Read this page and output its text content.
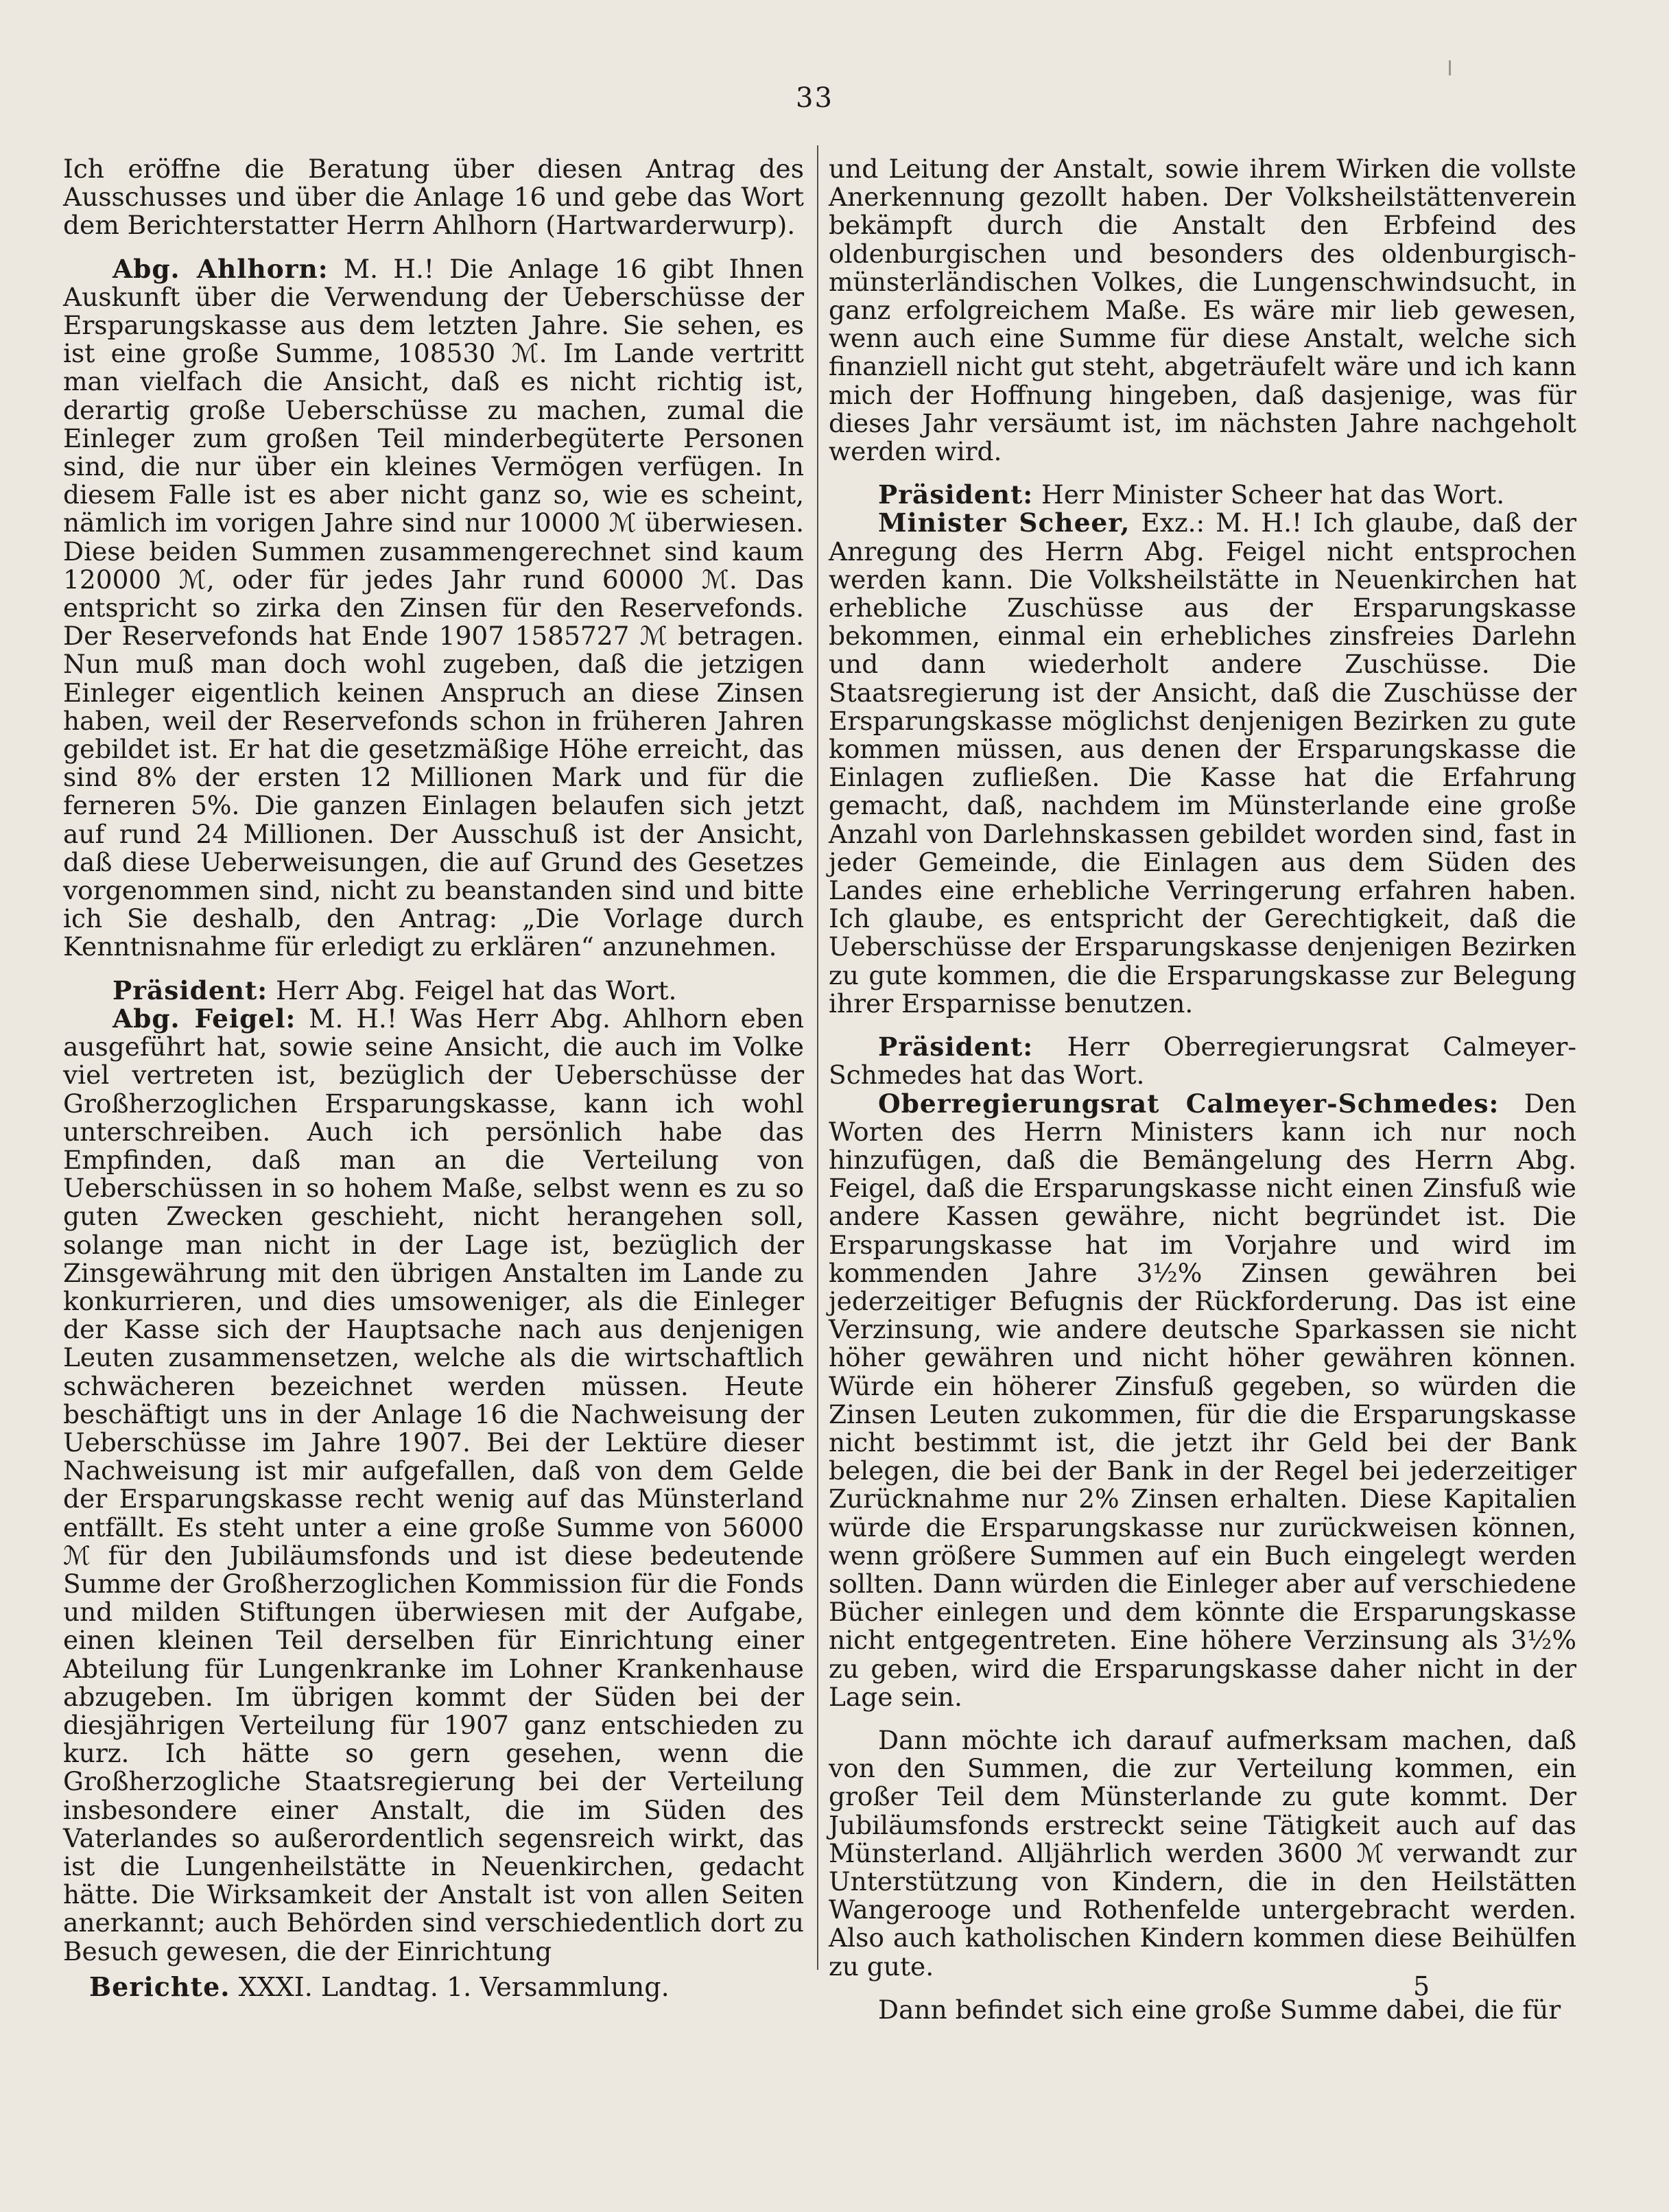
33

Ich eröffne die Beratung über diesen Antrag des Ausschusses und über die Anlage 16 und gebe das Wort dem Berichterstatter Herrn Ahlhorn (Hartwarderwurp).

Abg. Ahlhorn: M. H.! Die Anlage 16 gibt Ihnen Auskunft über die Verwendung der Ueberschüsse der Ersparungskasse aus dem letzten Jahre. Sie sehen, es ist eine große Summe, 108530 ℳ. Im Lande vertritt man vielfach die Ansicht, daß es nicht richtig ist, derartig große Ueberschüsse zu machen, zumal die Einleger zum großen Teil minderbegüterte Personen sind, die nur über ein kleines Vermögen verfügen. In diesem Falle ist es aber nicht ganz so, wie es scheint, nämlich im vorigen Jahre sind nur 10000 ℳ überwiesen. Diese beiden Summen zusammengerechnet sind kaum 120000 ℳ, oder für jedes Jahr rund 60000 ℳ. Das entspricht so zirka den Zinsen für den Reservefonds. Der Reservefonds hat Ende 1907 1585727 ℳ betragen. Nun muß man doch wohl zugeben, daß die jetzigen Einleger eigentlich keinen Anspruch an diese Zinsen haben, weil der Reservefonds schon in früheren Jahren gebildet ist. Er hat die gesetzmäßige Höhe erreicht, das sind 8% der ersten 12 Millionen Mark und für die ferneren 5%. Die ganzen Einlagen belaufen sich jetzt auf rund 24 Millionen. Der Ausschuß ist der Ansicht, daß diese Ueberweisungen, die auf Grund des Gesetzes vorgenommen sind, nicht zu beanstanden sind und bitte ich Sie deshalb, den Antrag: „Die Vorlage durch Kenntnisnahme für erledigt zu erklären“ anzunehmen.

Präsident: Herr Abg. Feigel hat das Wort.

Abg. Feigel: M. H.! Was Herr Abg. Ahlhorn eben ausgeführt hat, sowie seine Ansicht, die auch im Volke viel vertreten ist, bezüglich der Ueberschüsse der Großherzoglichen Ersparungskasse, kann ich wohl unterschreiben. Auch ich persönlich habe das Empfinden, daß man an die Verteilung von Ueberschüssen in so hohem Maße, selbst wenn es zu so guten Zwecken geschieht, nicht herangehen soll, solange man nicht in der Lage ist, bezüglich der Zinsgewährung mit den übrigen Anstalten im Lande zu konkurrieren, und dies umsoweniger, als die Einleger der Kasse sich der Hauptsache nach aus denjenigen Leuten zusammensetzen, welche als die wirtschaftlich schwächeren bezeichnet werden müssen. Heute beschäftigt uns in der Anlage 16 die Nachweisung der Ueberschüsse im Jahre 1907. Bei der Lektüre dieser Nachweisung ist mir aufgefallen, daß von dem Gelde der Ersparungskasse recht wenig auf das Münsterland entfällt. Es steht unter a eine große Summe von 56000 ℳ für den Jubiläumsfonds und ist diese bedeutende Summe der Großherzoglichen Kommission für die Fonds und milden Stiftungen überwiesen mit der Aufgabe, einen kleinen Teil derselben für Einrichtung einer Abteilung für Lungenkranke im Lohner Krankenhause abzugeben. Im übrigen kommt der Süden bei der diesjährigen Verteilung für 1907 ganz entschieden zu kurz. Ich hätte so gern gesehen, wenn die Großherzogliche Staatsregierung bei der Verteilung insbesondere einer Anstalt, die im Süden des Vaterlandes so außerordentlich segensreich wirkt, das ist die Lungenheilstätte in Neuenkirchen, gedacht hätte. Die Wirksamkeit der Anstalt ist von allen Seiten anerkannt; auch Behörden sind verschiedentlich dort zu Besuch gewesen, die der Einrichtung

und Leitung der Anstalt, sowie ihrem Wirken die vollste Anerkennung gezollt haben. Der Volksheilstättenverein bekämpft durch die Anstalt den Erbfeind des oldenburgischen und besonders des oldenburgisch-münsterländischen Volkes, die Lungenschwindsucht, in ganz erfolgreichem Maße. Es wäre mir lieb gewesen, wenn auch eine Summe für diese Anstalt, welche sich finanziell nicht gut steht, abgeträufelt wäre und ich kann mich der Hoffnung hingeben, daß dasjenige, was für dieses Jahr versäumt ist, im nächsten Jahre nachgeholt werden wird.

Präsident: Herr Minister Scheer hat das Wort.

Minister Scheer, Exz.: M. H.! Ich glaube, daß der Anregung des Herrn Abg. Feigel nicht entsprochen werden kann. Die Volksheilstätte in Neuenkirchen hat erhebliche Zuschüsse aus der Ersparungskasse bekommen, einmal ein erhebliches zinsfreies Darlehn und dann wiederholt andere Zuschüsse. Die Staatsregierung ist der Ansicht, daß die Zuschüsse der Ersparungskasse möglichst denjenigen Bezirken zu gute kommen müssen, aus denen der Ersparungskasse die Einlagen zufließen. Die Kasse hat die Erfahrung gemacht, daß, nachdem im Münsterlande eine große Anzahl von Darlehnskassen gebildet worden sind, fast in jeder Gemeinde, die Einlagen aus dem Süden des Landes eine erhebliche Verringerung erfahren haben. Ich glaube, es entspricht der Gerechtigkeit, daß die Ueberschüsse der Ersparungskasse denjenigen Bezirken zu gute kommen, die die Ersparungskasse zur Belegung ihrer Ersparnisse benutzen.

Präsident: Herr Oberregierungsrat Calmeyer-Schmedes hat das Wort.

Oberregierungsrat Calmeyer-Schmedes: Den Worten des Herrn Ministers kann ich nur noch hinzufügen, daß die Bemängelung des Herrn Abg. Feigel, daß die Ersparungskasse nicht einen Zinsfuß wie andere Kassen gewähre, nicht begründet ist. Die Ersparungskasse hat im Vorjahre und wird im kommenden Jahre 3½% Zinsen gewähren bei jederzeitiger Befugnis der Rückforderung. Das ist eine Verzinsung, wie andere deutsche Sparkassen sie nicht höher gewähren und nicht höher gewähren können. Würde ein höherer Zinsfuß gegeben, so würden die Zinsen Leuten zukommen, für die die Ersparungskasse nicht bestimmt ist, die jetzt ihr Geld bei der Bank belegen, die bei der Bank in der Regel bei jederzeitiger Zurücknahme nur 2% Zinsen erhalten. Diese Kapitalien würde die Ersparungskasse nur zurückweisen können, wenn größere Summen auf ein Buch eingelegt werden sollten. Dann würden die Einleger aber auf verschiedene Bücher einlegen und dem könnte die Ersparungskasse nicht entgegentreten. Eine höhere Verzinsung als 3½% zu geben, wird die Ersparungskasse daher nicht in der Lage sein.

Dann möchte ich darauf aufmerksam machen, daß von den Summen, die zur Verteilung kommen, ein großer Teil dem Münsterlande zu gute kommt. Der Jubiläumsfonds erstreckt seine Tätigkeit auch auf das Münsterland. Alljährlich werden 3600 ℳ verwandt zur Unterstützung von Kindern, die in den Heilstätten Wangerooge und Rothenfelde untergebracht werden. Also auch katholischen Kindern kommen diese Beihülfen zu gute.

Dann befindet sich eine große Summe dabei, die für

Berichte. XXXI. Landtag. 1. Versammlung.	5
